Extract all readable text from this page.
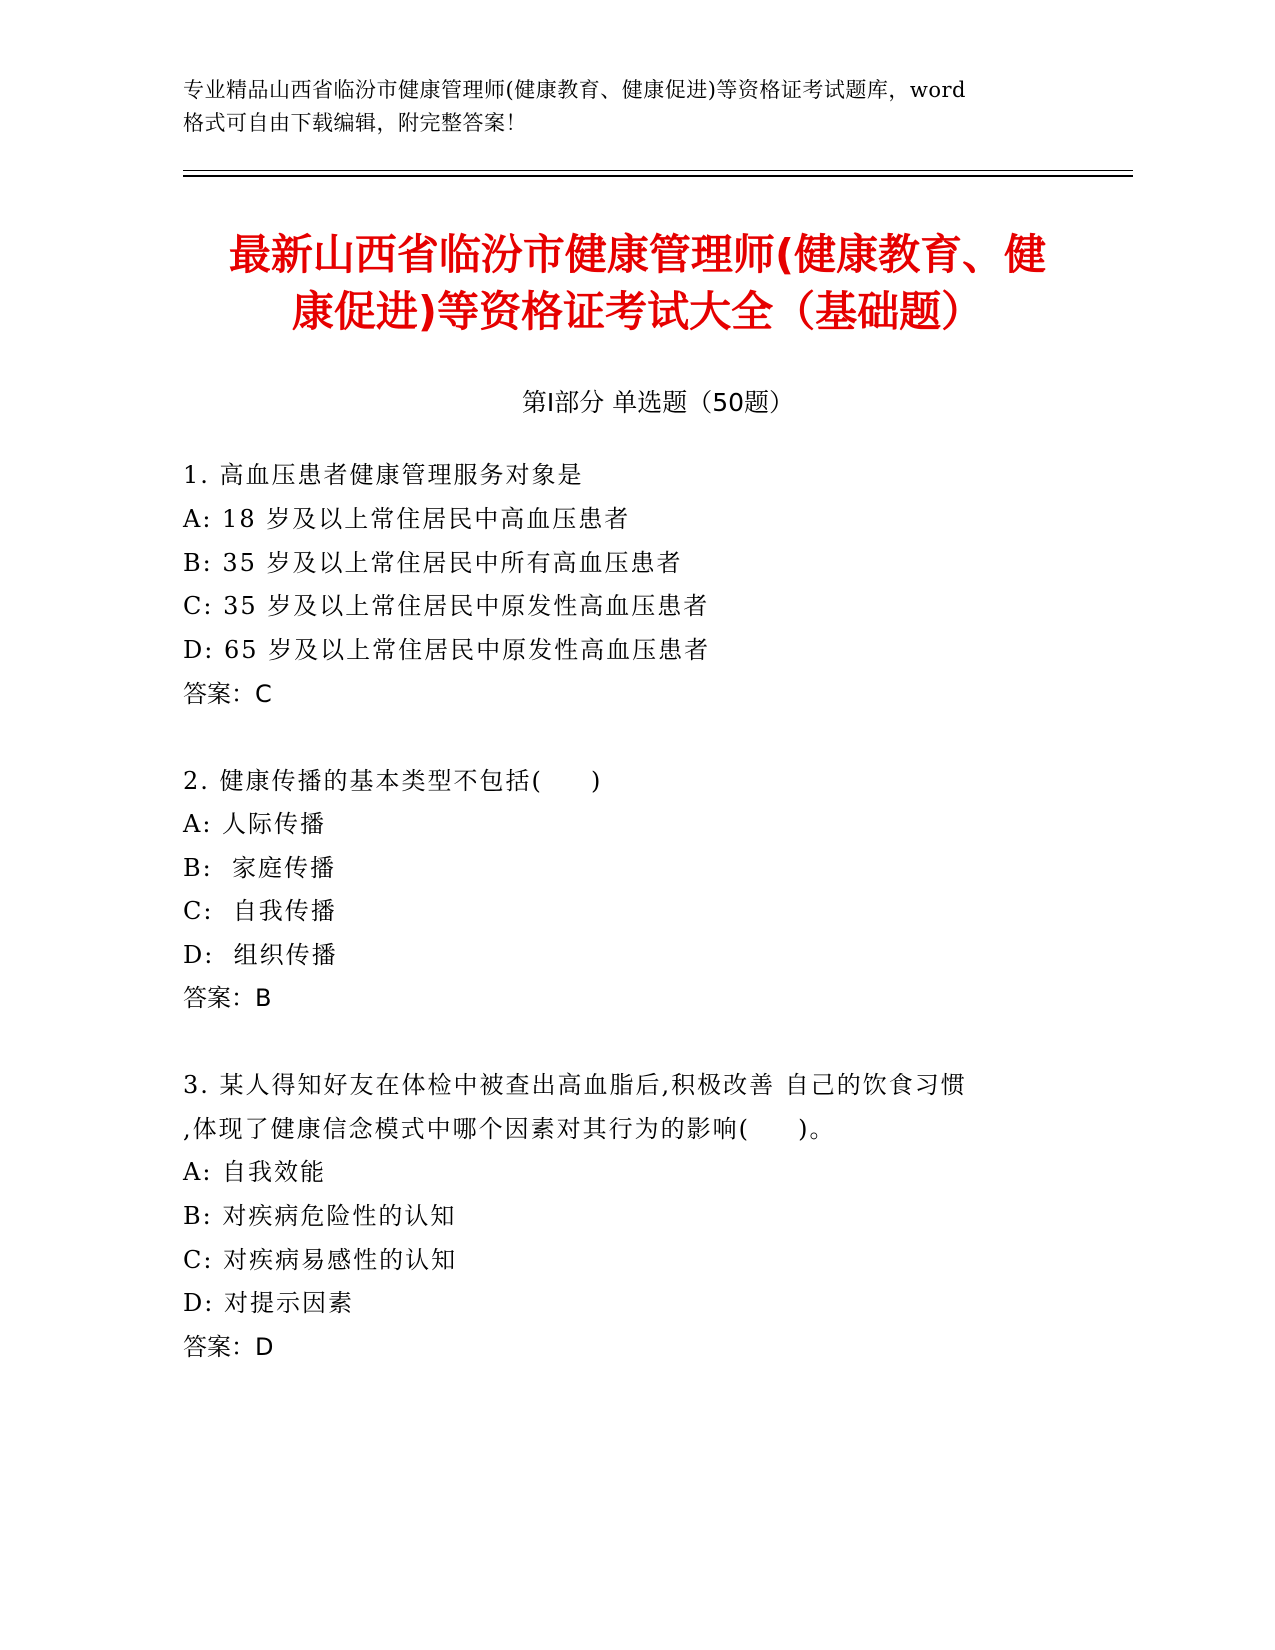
专业精品山西省临汾市健康管理师(健康教育、健康促进)等资格证考试题库，word
格式可自由下载编辑，附完整答案！
最新山西省临汾市健康管理师(健康教育、健
康促进)等资格证考试大全（基础题）
第Ⅰ部分 单选题（50题）
1. 高血压患者健康管理服务对象是
A: 18 岁及以上常住居民中高血压患者
B: 35 岁及以上常住居民中所有高血压患者
C: 35 岁及以上常住居民中原发性高血压患者
D: 65 岁及以上常住居民中原发性高血压患者
答案：C
2. 健康传播的基本类型不包括(     )
A: 人际传播
B:  家庭传播
C:  自我传播
D:  组织传播
答案：B
3. 某人得知好友在体检中被查出高血脂后,积极改善 自己的饮食习惯
,体现了健康信念模式中哪个因素对其行为的影响(     )。
A: 自我效能
B: 对疾病危险性的认知
C: 对疾病易感性的认知
D: 对提示因素
答案：D
